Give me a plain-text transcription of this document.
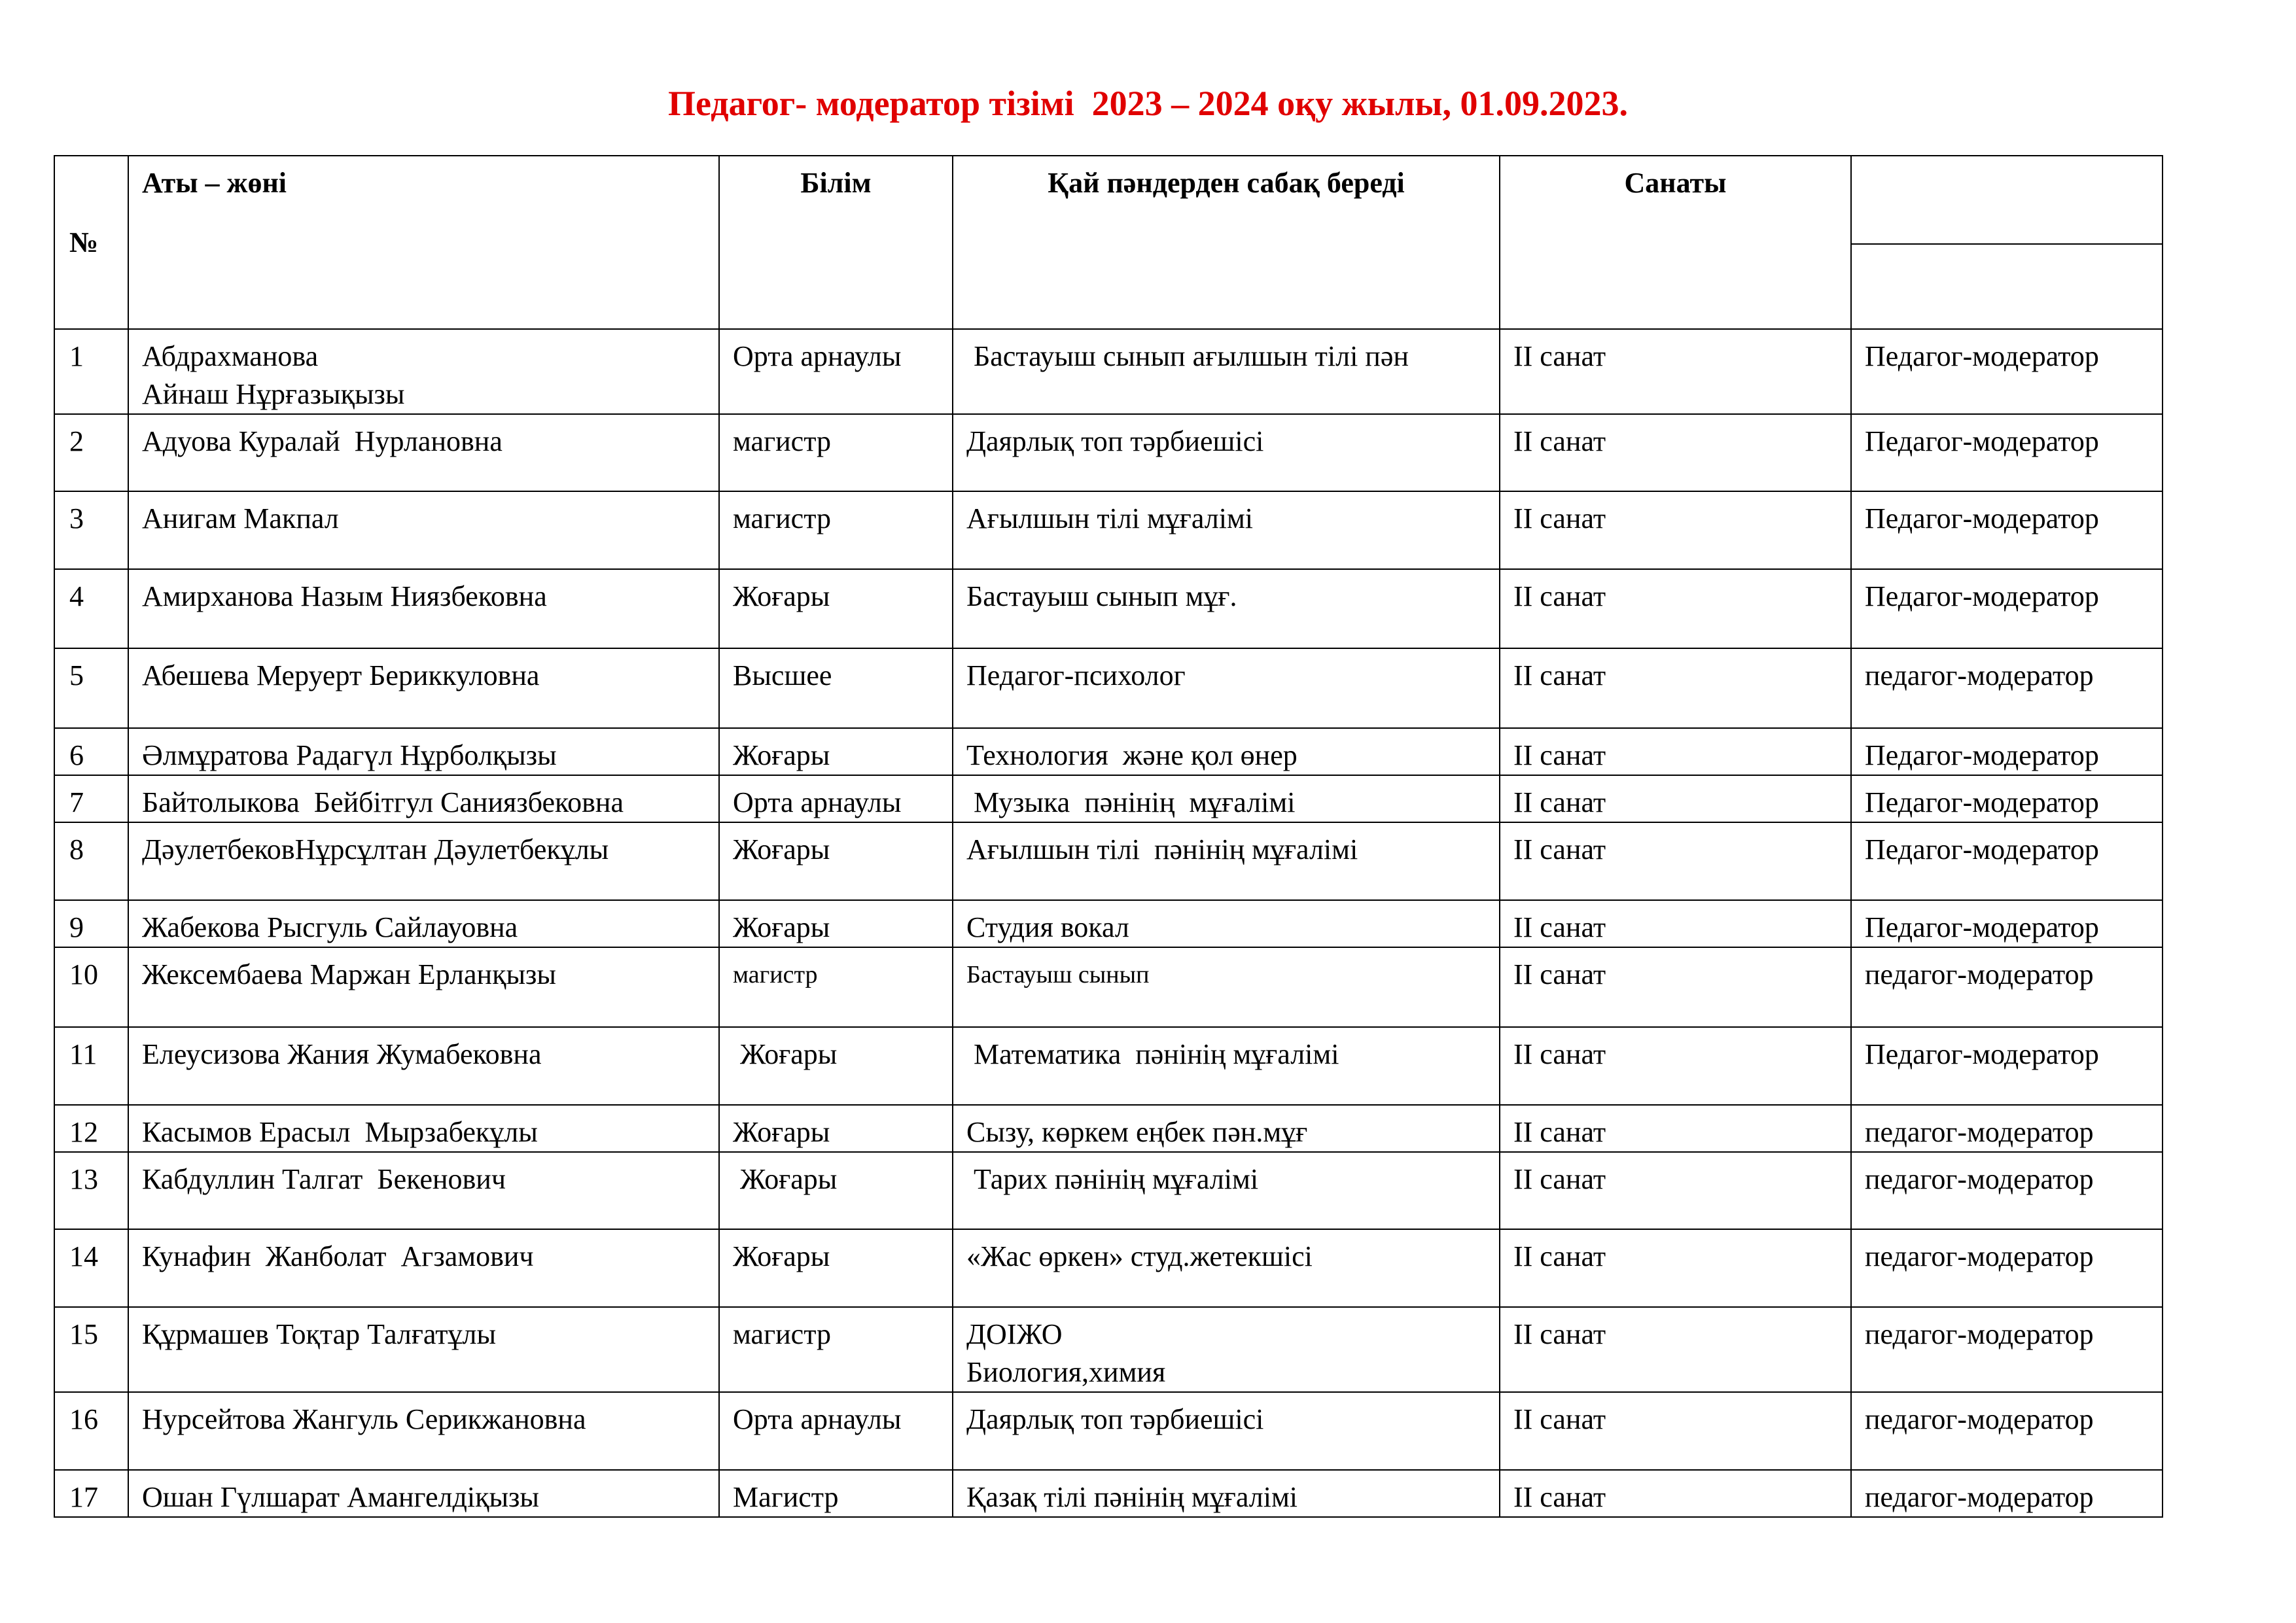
Педагог- модератор тізімі  2023 – 2024 оқу жылы, 01.09.2023.
№	Аты – жөні	Білім	Қай пәндерден сабақ береді	Санаты	

1	Абдрахманова
Айнаш Нұрғазықызы	Орта арнаулы	Бастауыш сынып ағылшын тілі пән	II санат	Педагог-модератор
2	Адуова Куралай  Нурлановна	магистр	Даярлық топ тәрбиешісі	II санат	Педагог-модератор
3	Анигам Макпал	магистр	Ағылшын тілі мұғалімі	II санат	Педагог-модератор
4	Амирханова Назым Ниязбековна	Жоғары	Бастауыш сынып мұғ.	II санат	Педагог-модератор
5	Абешева Меруерт Бериккуловна	Высшее	Педагог-психолог	II санат	педагог-модератор
6	Әлмұратова Радагүл Нұрболқызы	Жоғары	Технология  және қол өнер	II санат	Педагог-модератор
7	Байтолыкова  Бейбітгул Саниязбековна	Орта арнаулы	Музыка  пәнінің  мұғалімі	II санат	Педагог-модератор
8	ДәулетбековНұрсұлтан Дәулетбекұлы	Жоғары	Ағылшын тілі  пәнінің мұғалімі	II санат	Педагог-модератор
9	Жабекова Рысгуль Сайлауовна	Жоғары	Студия вокал	II санат	Педагог-модератор
10	Жексембаева Маржан Ерланқызы	магистр	Бастауыш сынып	II санат	педагог-модератор
11	Елеусизова Жания Жумабековна	Жоғары	Математика  пәнінің мұғалімі	II санат	Педагог-модератор
12	Касымов Ерасыл  Мырзабекұлы	Жоғары	Сызу, көркем еңбек пән.мұғ	II санат	педагог-модератор
13	Кабдуллин Талгат  Бекенович	Жоғары	Тарих пәнінің мұғалімі	II санат	педагог-модератор
14	Кунафин  Жанболат  Агзамович	Жоғары	«Жас өркен» студ.жетекшісі	II санат	педагог-модератор
15	Құрмашев Тоқтар Талғатұлы	магистр	ДОІЖО
Биология,химия	II санат	педагог-модератор
16	Нурсейтова Жангуль Серикжановна	Орта арнаулы	Даярлық топ тәрбиешісі	II санат	педагог-модератор
17	Ошан Гүлшарат Амангелдіқызы	Магистр	Қазақ тілі пәнінің мұғалімі	II санат	педагог-модератор
